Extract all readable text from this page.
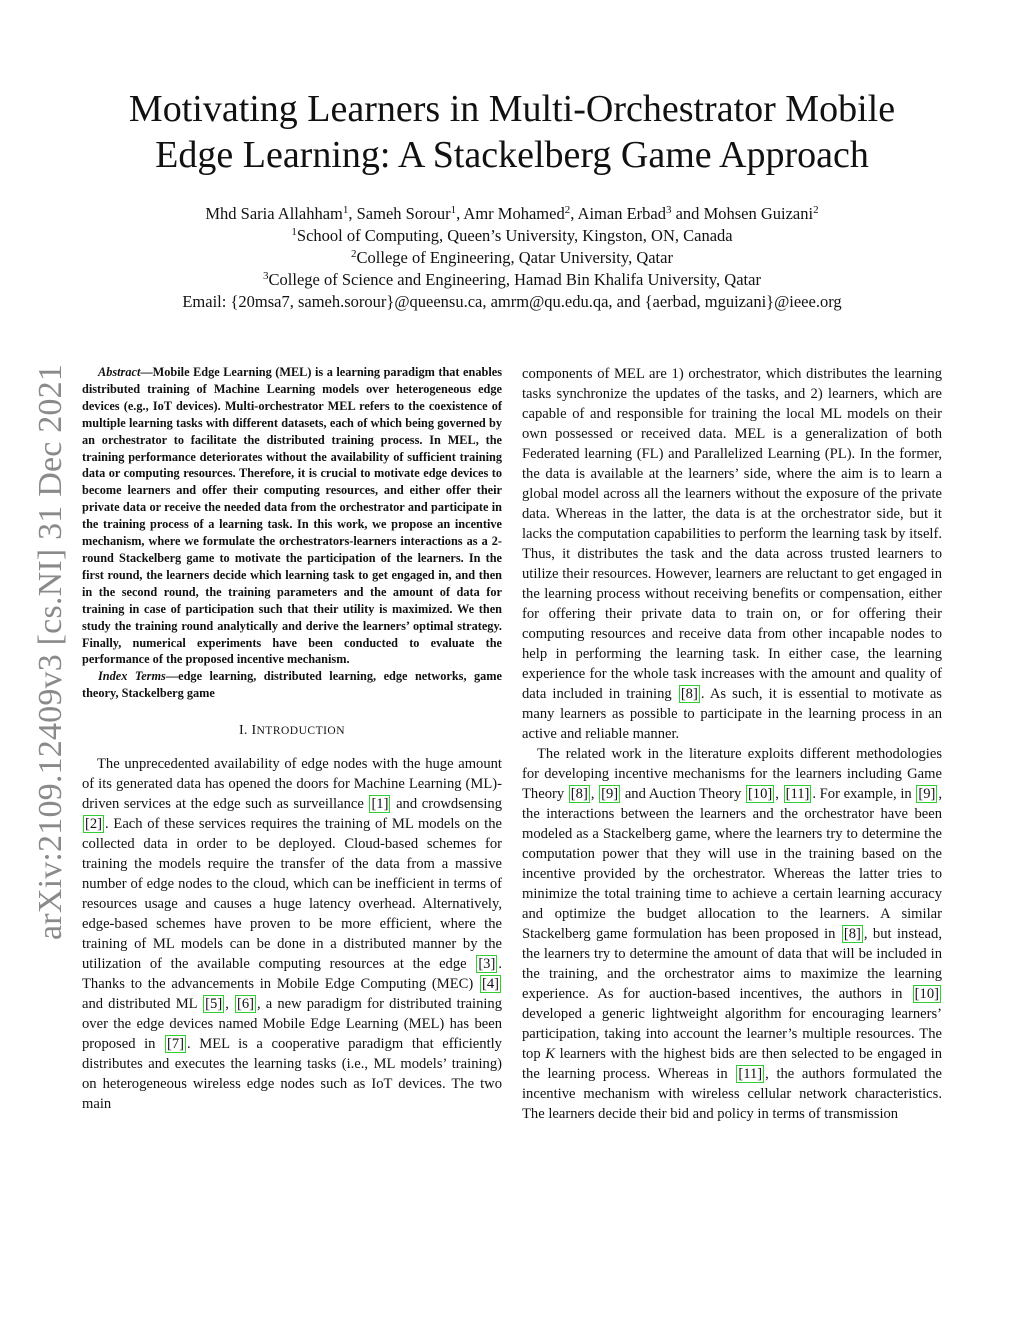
Motivating Learners in Multi-Orchestrator Mobile
Edge Learning: A Stackelberg Game Approach
Mhd Saria Allahham$^1$, Sameh Sorour$^1$, Amr Mohamed$^2$, Aiman Erbad$^3$ and Mohsen Guizani$^2$
$^1$School of Computing, Queen’s University, Kingston, ON, Canada
$^2$College of Engineering, Qatar University, Qatar
$^3$College of Science and Engineering, Hamad Bin Khalifa University, Qatar
Email: {20msa7, sameh.sorour}@queensu.ca, amrm@qu.edu.qa, and {aerbad, mguizani}@ieee.org
arXiv:2109.12409v3 [cs.NI] 31 Dec 2021	Abstract—Mobile Edge Learning (MEL) is a learning paradigm that enables distributed training of Machine Learning models over heterogeneous edge devices (e.g., IoT devices). Multi-orchestrator MEL refers to the coexistence of multiple learning tasks with different datasets, each of which being governed by an orchestrator to facilitate the distributed training process. In MEL, the training performance deteriorates without the availability of sufficient training data or computing resources. Therefore, it is crucial to motivate edge devices to become learners and offer their computing resources, and either offer their private data or receive the needed data from the orchestrator and participate in the training process of a learning task. In this work, we propose an incentive mechanism, where we formulate the orchestrators-learners interactions as a 2-round Stackelberg game to motivate the participation of the learners. In the first round, the learners decide which learning task to get engaged in, and then in the second round, the training parameters and the amount of data for training in case of participation such that their utility is maximized. We then study the training round analytically and derive the learners’ optimal strategy. Finally, numerical experiments have been conducted to evaluate the performance of the proposed incentive mechanism.

Index Terms—edge learning, distributed learning, edge networks, game theory, Stackelberg game

I. INTRODUCTION

The unprecedented availability of edge nodes with the huge amount of its generated data has opened the doors for Machine Learning (ML)-driven services at the edge such as surveillance [1] and crowdsensing [2] . Each of these services requires the training of ML models on the collected data in order to be deployed. Cloud-based schemes for training the models require the transfer of the data from a massive number of edge nodes to the cloud, which can be inefficient in terms of resources usage and causes a huge latency overhead. Alternatively, edge-based schemes have proven to be more efficient, where the training of ML models can be done in a distributed manner by the utilization of the available computing resources at the edge [3] . Thanks to the advancements in Mobile Edge Computing (MEC) [4] and distributed ML [5] , [6] , a new paradigm for distributed training over the edge devices named Mobile Edge Learning (MEL) has been proposed in [7] . MEL is a cooperative paradigm that efficiently distributes and executes the learning tasks (i.e., ML models’ training) on heterogeneous wireless edge nodes such as IoT devices. The two main

components of MEL are 1) orchestrator, which distributes the learning tasks synchronize the updates of the tasks, and 2) learners, which are capable of and responsible for training the local ML models on their own possessed or received data. MEL is a generalization of both Federated learning (FL) and Parallelized Learning (PL). In the former, the data is available at the learners’ side, where the aim is to learn a global model across all the learners without the exposure of the private data. Whereas in the latter, the data is at the orchestrator side, but it lacks the computation capabilities to perform the learning task by itself. Thus, it distributes the task and the data across trusted learners to utilize their resources. However, learners are reluctant to get engaged in the learning process without receiving benefits or compensation, either for offering their private data to train on, or for offering their computing resources and receive data from other incapable nodes to help in performing the learning task. In either case, the learning experience for the whole task increases with the amount and quality of data included in training [8] . As such, it is essential to motivate as many learners as possible to participate in the learning process in an active and reliable manner.

The related work in the literature exploits different methodologies for developing incentive mechanisms for the learners including Game Theory [8] , [9] and Auction Theory [10] , [11] . For example, in [9] , the interactions between the learners and the orchestrator have been modeled as a Stackelberg game, where the learners try to determine the computation power that they will use in the training based on the incentive provided by the orchestrator. Whereas the latter tries to minimize the total training time to achieve a certain learning accuracy and optimize the budget allocation to the learners. A similar Stackelberg game formulation has been proposed in [8] , but instead, the learners try to determine the amount of data that will be included in the training, and the orchestrator aims to maximize the learning experience. As for auction-based incentives, the authors in [10] developed a generic lightweight algorithm for encouraging learners’ participation, taking into account the learner’s multiple resources. The top K learners with the highest bids are then selected to be engaged in the learning process. Whereas in [11] , the authors formulated the incentive mechanism with wireless cellular network characteristics. The learners decide their bid and policy in terms of transmission
